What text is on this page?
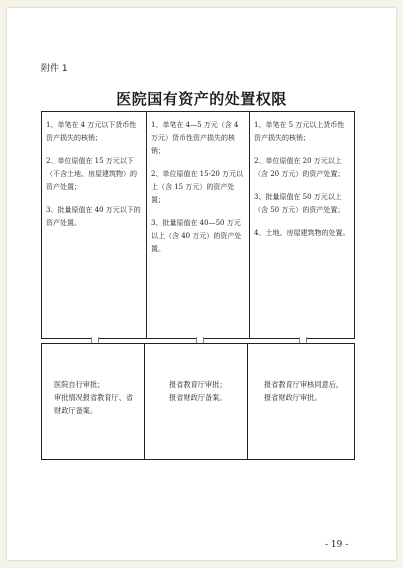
附件 1
医院国有资产的处置权限

1、单笔在 4 万元以下货币性资产损失的核销；

2、单位原值在 15 万元以下（不含土地、房屋建筑物）的资产处置；

3、批量原值在 40 万元以下的资产处置。

1、单笔在 4—5 万元（含 4 万元）货币性资产损失的核销；

2、单位原值在 15-20 万元以上（含 15 万元）的资产处置；

3、批量原值在 40—50 万元以上（含 40 万元）的资产处置。

1、单笔在 5 万元以上货币性资产损失的核销；

2、单位原值在 20 万元以上（含 20 万元）的资产处置；

3、批量原值在 50 万元以上（含 50 万元）的资产处置；

4、土地、房屋建筑物的处置。

医院自行审批；
审批情况报省教育厅、省财政厅备案。
报省教育厅审批；
报省财政厅备案。
报省教育厅审核同意后，
报省财政厅审批。
- 19 -
